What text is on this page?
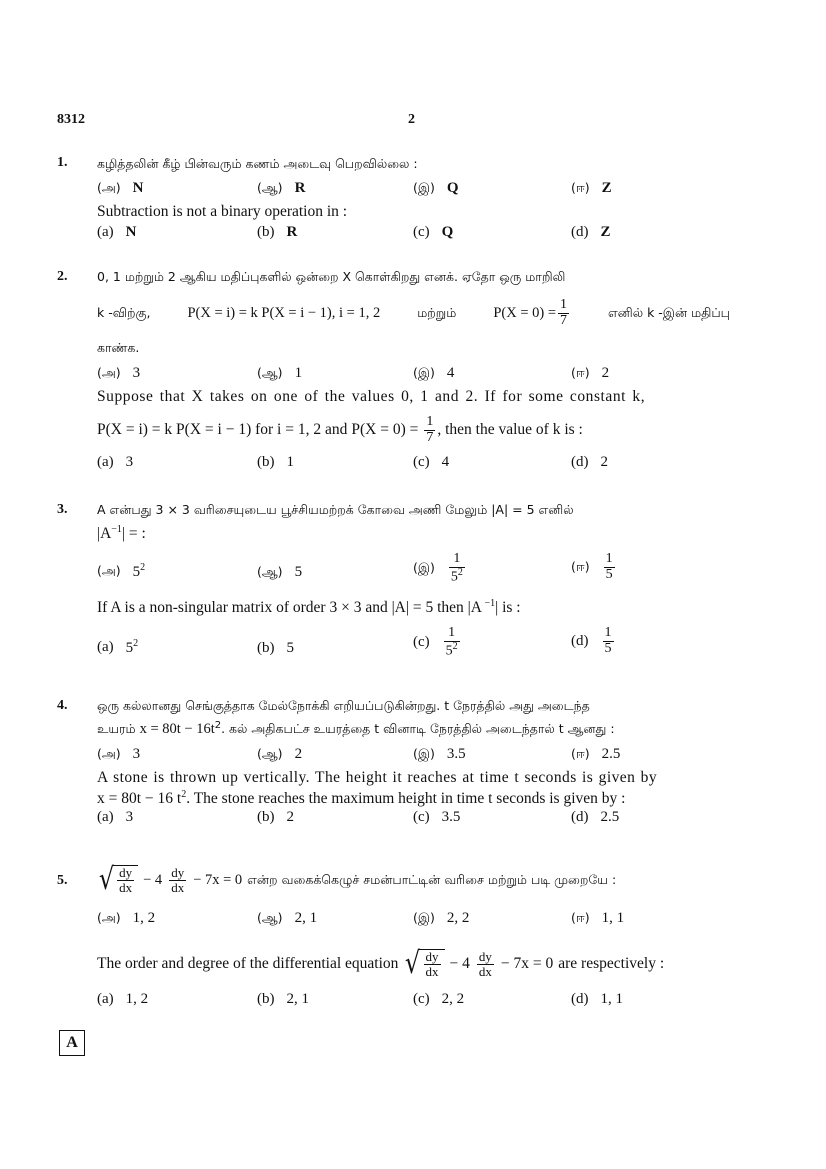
8312	2
1. கழித்தலின் கீழ் பின்வரும் கணம் அடைவு பெறவில்லை :
(அ) N	(ஆ) R	(இ) Q	(ஈ) Z
Subtraction is not a binary operation in :
(a) N	(b) R	(c) Q	(d) Z
2. 0, 1 மற்றும் 2 ஆகிய மதிப்புகளில் ஒன்றை X கொள்கிறது எனக். ஏதோ ஒரு மாறிலி
k -விற்கு,	P(X = i) = k P(X = i − 1), i = 1, 2	மற்றும்	$P(X = 0) = \frac{1}{7}$	எனில் k -இன் மதிப்பு
காண்க.
(அ) 3	(ஆ) 1	(இ) 4	(ஈ) 2
Suppose that X takes on one of the values 0, 1 and 2. If for some constant k,
P(X = i) = k P(X = i − 1) for i = 1, 2 and $P(X = 0) = \frac{1}{7}$ , then the value of k is :
(a) 3	(b) 1	(c) 4	(d) 2
3. A என்பது 3 × 3 வரிசையுடைய பூச்சியமற்றக் கோவை அணி மேலும் |A| = 5 எனில்
$|A^{-1}|$ = :
(அ) $5^2$	(ஆ) 5	(இ) $\frac{1}{5^2}$	(ஈ) $\frac{1}{5}$
If A is a non-singular matrix of order 3 × 3 and |A| = 5 then |A $^{-1}$| is :
(a) $5^2$	(b) 5	$(c) \frac{1}{5^2}$	$(d) \frac{1}{5}$
4. ஒரு கல்லானது செங்குத்தாக மேல்நோக்கி எறியப்படுகின்றது. t நேரத்தில் அது அடைந்த
உயரம் $x = 80t - 16t^2$. கல் அதிகபட்ச உயரத்தை t வினாடி நேரத்தில் அடைந்தால் t ஆனது :
(அ) 3	(ஆ) 2	(இ) 3.5	(ஈ) 2.5
A stone is thrown up vertically. The height it reaches at time t seconds is given by
x = 80t − 16 $t^2$. The stone reaches the maximum height in time t seconds is given by :
(a) 3	(b) 2	(c) 3.5	(d) 2.5
5. √ $\frac{dy}{dx} - 4 \frac{dy}{dx} - 7x = 0$ என்ற வகைக்கெழுச் சமன்பாட்டின் வரிசை மற்றும் படி முறையே :
(அ) 1, 2	(ஆ) 2, 1	(இ) 2, 2	(ஈ) 1, 1
The order and degree of the differential equation √ $\frac{dy}{dx} - 4 \frac{dy}{dx} - 7x = 0$ are respectively :
(a) 1, 2	(b) 2, 1	(c) 2, 2	(d) 1, 1
A
